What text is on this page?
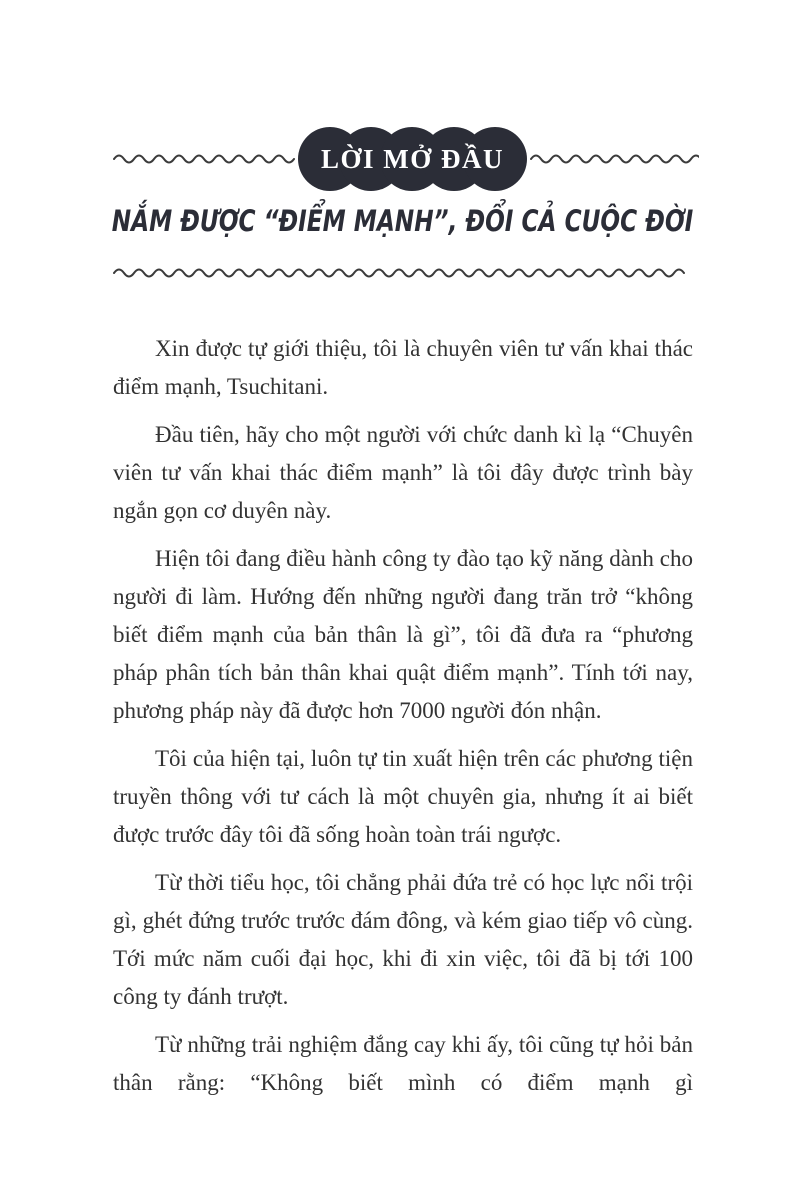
LỜI MỞ ĐẦU
NẮM ĐƯỢC “ĐIỂM MẠNH”, ĐỔI CẢ CUỘC ĐỜI

Xin được tự giới thiệu, tôi là chuyên viên tư vấn khai thác điểm mạnh, Tsuchitani.

Đầu tiên, hãy cho một người với chức danh kì lạ “Chuyên viên tư vấn khai thác điểm mạnh” là tôi đây được trình bày ngắn gọn cơ duyên này.

Hiện tôi đang điều hành công ty đào tạo kỹ năng dành cho người đi làm. Hướng đến những người đang trăn trở “không biết điểm mạnh của bản thân là gì”, tôi đã đưa ra “phương pháp phân tích bản thân khai quật điểm mạnh”. Tính tới nay, phương pháp này đã được hơn 7000 người đón nhận.

Tôi của hiện tại, luôn tự tin xuất hiện trên các phương tiện truyền thông với tư cách là một chuyên gia, nhưng ít ai biết được trước đây tôi đã sống hoàn toàn trái ngược.

Từ thời tiểu học, tôi chẳng phải đứa trẻ có học lực nổi trội gì, ghét đứng trước trước đám đông, và kém giao tiếp vô cùng. Tới mức năm cuối đại học, khi đi xin việc, tôi đã bị tới 100 công ty đánh trượt.

Từ những trải nghiệm đắng cay khi ấy, tôi cũng tự hỏi bản thân rằng: “Không biết mình có điểm mạnh gì
